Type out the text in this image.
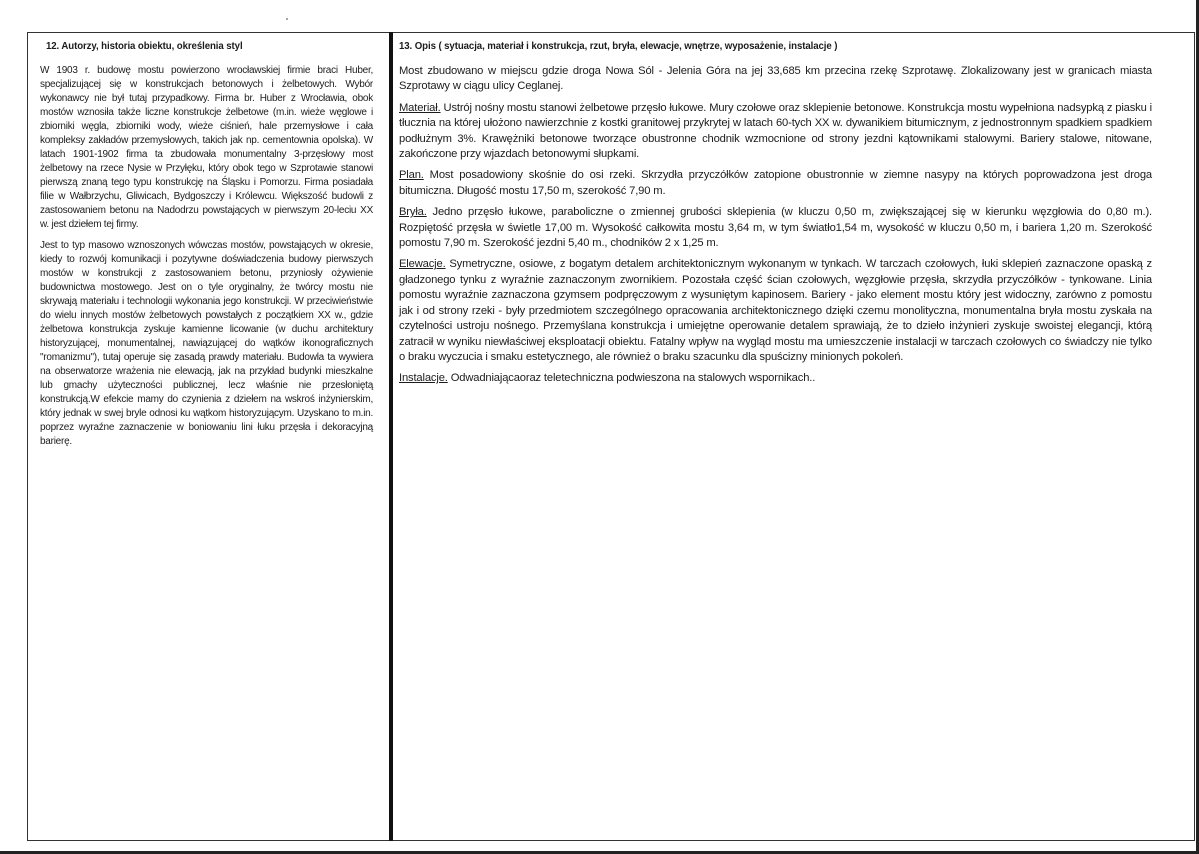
12. Autorzy, historia obiektu, określenia styl

W 1903 r. budowę mostu powierzono wrocławskiej firmie braci Huber, specjalizującej się w konstrukcjach betonowych i żelbetowych. Wybór wykonawcy nie był tutaj przypadkowy. Firma br. Huber z Wrocławia, obok mostów wznosiła także liczne konstrukcje żelbetowe (m.in. wieże węglowe i zbiorniki węgla, zbiorniki wody, wieże ciśnień, hale przemysłowe i cała kompleksy zakładów przemysłowych, takich jak np. cementownia opolska). W latach 1901-1902 firma ta zbudowała monumentalny 3-przęsłowy most żelbetowy na rzece Nysie w Przyłęku, który obok tego w Szprotawie stanowi pierwszą znaną tego typu konstrukcję na Śląsku i Pomorzu. Firma posiadała filie w Wałbrzychu, Gliwicach, Bydgoszczy i Królewcu. Większość budowli z zastosowaniem betonu na Nadodrzu powstających w pierwszym 20-leciu XX w. jest dziełem tej firmy.

Jest to typ masowo wznoszonych wówczas mostów, powstających w okresie, kiedy to rozwój komunikacji i pozytywne doświadczenia budowy pierwszych mostów w konstrukcji z zastosowaniem betonu, przyniosły ożywienie budownictwa mostowego. Jest on o tyle oryginalny, że twórcy mostu nie skrywają materiału i technologii wykonania jego konstrukcji. W przeciwieństwie do wielu innych mostów żelbetowych powstałych z początkiem XX w., gdzie żelbetowa konstrukcja zyskuje kamienne licowanie (w duchu architektury historyzującej, monumentalnej, nawiązującej do wątków ikonograficznych "romanizmu"), tutaj operuje się zasadą prawdy materiału. Budowla ta wywiera na obserwatorze wrażenia nie elewacją, jak na przykład budynki mieszkalne lub gmachy użyteczności publicznej, lecz właśnie nie przesłoniętą konstrukcją.W efekcie mamy do czynienia z dziełem na wskroś inżynierskim, który jednak w swej bryle odnosi ku wątkom historyzującym. Uzyskano to m.in. poprzez wyraźne zaznaczenie w boniowaniu lini łuku przęsła i dekoracyjną barierę.

13. Opis ( sytuacja, materiał i konstrukcja, rzut, bryła, elewacje, wnętrze, wyposażenie, instalacje )

Most zbudowano w miejscu gdzie droga Nowa Sól - Jelenia Góra na jej 33,685 km przecina rzekę Szprotawę. Zlokalizowany jest w granicach miasta Szprotawy w ciągu ulicy Ceglanej.

Materiał. Ustrój nośny mostu stanowi żelbetowe przęsło łukowe. Mury czołowe oraz sklepienie betonowe. Konstrukcja mostu wypełniona nadsypką z piasku i tłucznia na której ułożono nawierzchnie z kostki granitowej przykrytej w latach 60-tych XX w. dywanikiem bitumicznym, z jednostronnym spadkiem spadkiem podłużnym 3%. Krawężniki betonowe tworzące obustronne chodnik wzmocnione od strony jezdni kątownikami stalowymi. Bariery stalowe, nitowane, zakończone przy wjazdach betonowymi słupkami.

Plan. Most posadowiony skośnie do osi rzeki. Skrzydła przyczółków zatopione obustronnie w ziemne nasypy na których poprowadzona jest droga bitumiczna. Długość mostu 17,50 m, szerokość 7,90 m.

Bryła. Jedno przęsło łukowe, paraboliczne o zmiennej grubości sklepienia (w kluczu 0,50 m, zwiększającej się w kierunku węzgłowia do 0,80 m.). Rozpiętość przęsła w świetle 17,00 m. Wysokość całkowita mostu 3,64 m, w tym światło1,54 m, wysokość w kluczu 0,50 m, i bariera 1,20 m. Szerokość pomostu 7,90 m. Szerokość jezdni 5,40 m., chodników 2 x 1,25 m.

Elewacje. Symetryczne, osiowe, z bogatym detalem architektonicznym wykonanym w tynkach. W tarczach czołowych, łuki sklepień zaznaczone opaską z gładzonego tynku z wyraźnie zaznaczonym zwornikiem. Pozostała część ścian czołowych, węzgłowie przęsła, skrzydła przyczółków - tynkowane. Linia pomostu wyraźnie zaznaczona gzymsem podpręczowym z wysuniętym kapinosem. Bariery - jako element mostu który jest widoczny, zarówno z pomostu jak i od strony rzeki - były przedmiotem szczególnego opracowania architektonicznego dzięki czemu monolityczna, monumentalna bryła mostu zyskała na czytelności ustroju nośnego. Przemyślana konstrukcja i umiejętne operowanie detalem sprawiają, że to dzieło inżynieri zyskuje swoistej elegancji, którą zatracił w wyniku niewłaściwej eksploatacji obiektu. Fatalny wpływ na wygląd mostu ma umieszczenie instalacji w tarczach czołowych co świadczy nie tylko o braku wyczucia i smaku estetycznego, ale również o braku szacunku dla spuścizny minionych pokoleń.

Instalacje. Odwadniającaoraz teletechniczna podwieszona na stalowych wspornikach..
